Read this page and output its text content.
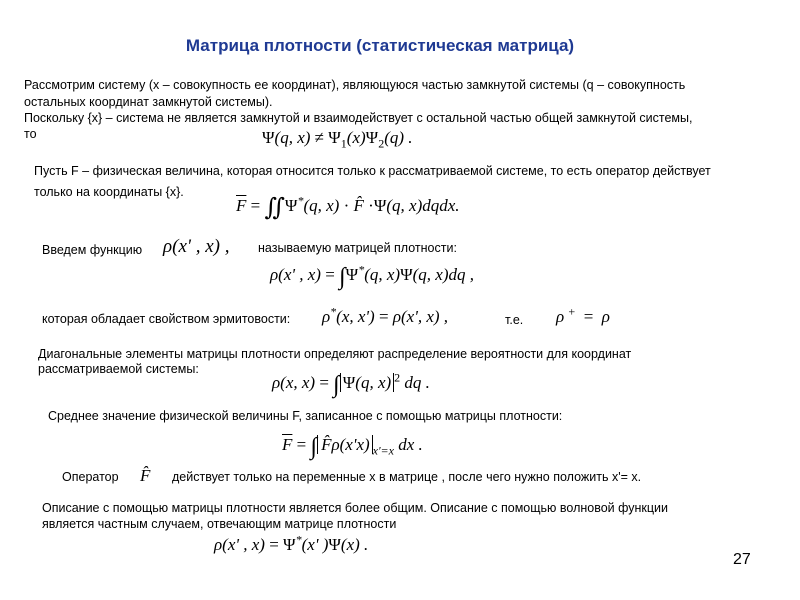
Матрица плотности (статистическая матрица)
Рассмотрим систему (x – совокупность ее координат), являющуюся частью замкнутой системы (q – совокупность
остальных координат замкнутой системы).
Поскольку {x} – система не является замкнутой и взаимодействует с остальной частью общей замкнутой системы,
то	Ψ(q, $x) \ne \Psi_1(x)\Psi_2(q)$ .
Пусть F – физическая величина, которая относится только к рассматриваемой системе, то есть оператор действует
только на координаты {x}.
$\overline{F}$ = ∬Ψ*(q, x) · F̂ ·Ψ(q, x)dqdx.
Введем функцию ρ(x' , x) , называемую матрицей плотности:
ρ(x' , x) = ∫Ψ*(q, x)Ψ(q, x)dq ,
которая обладает свойством эрмитовости: ρ*(x, x') = ρ(x', x) ,	т.е. ρ + =  ρ
Диагональные элементы матрицы плотности определяют распределение вероятности для координат
рассматриваемой системы:
ρ(x, x) = ∫ Ψ(q, x) $^2$ dq .
Среднее значение физической величины F, записанное с помощью матрицы плотности:
$\overline{F}$ = ∫ F̂ρ(x'x) $_{x'=x}$ dx .
Оператор F̂ действует только на переменные x в матрице , после чего нужно положить x'= x.
Описание с помощью матрицы плотности является более общим. Описание с помощью волновой функции
является частным случаем, отвечающим матрице плотности
ρ(x' , x) = Ψ*(x' )Ψ(x) .
27
